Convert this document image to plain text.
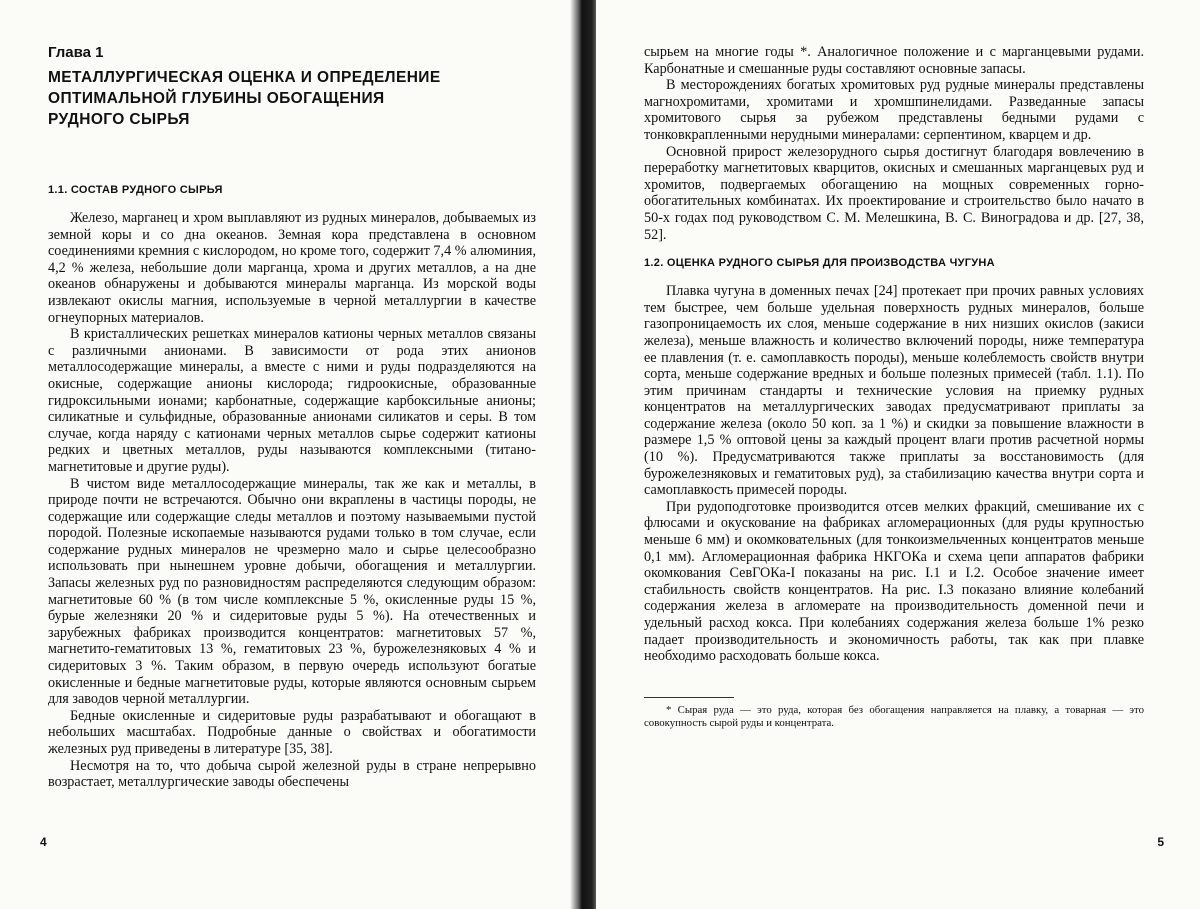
Глава 1
МЕТАЛЛУРГИЧЕСКАЯ ОЦЕНКА И ОПРЕДЕЛЕНИЕ
ОПТИМАЛЬНОЙ ГЛУБИНЫ ОБОГАЩЕНИЯ
РУДНОГО СЫРЬЯ
1.1. СОСТАВ РУДНОГО СЫРЬЯ

Железо, марганец и хром выплавляют из рудных минералов, добываемых из земной коры и со дна океанов. Земная кора представлена в основном соединениями кремния с кислородом, но кроме того, содержит 7,4 % алюминия, 4,2 % железа, небольшие доли марганца, хрома и других металлов, а на дне океанов обнаружены и добываются минералы марганца. Из морской воды извлекают окислы магния, используемые в черной металлургии в качестве огнеупорных материалов.

В кристаллических решетках минералов катионы черных металлов связаны с различными анионами. В зависимости от рода этих анионов металлосодержащие минералы, а вместе с ними и руды подразделяются на окисные, содержащие анионы кислорода; гидроокисные, образованные гидроксильными ионами; карбонатные, содержащие карбоксильные анионы; силикатные и сульфидные, образованные анионами силикатов и серы. В том случае, когда наряду с катионами черных металлов сырье содержит катионы редких и цветных металлов, руды называются комплексными (титано-магнетитовые и другие руды).

В чистом виде металлосодержащие минералы, так же как и металлы, в природе почти не встречаются. Обычно они вкраплены в частицы породы, не содержащие или содержащие следы металлов и поэтому называемыми пустой породой. Полезные ископаемые называются рудами только в том случае, если содержание рудных минералов не чрезмерно мало и сырье целесообразно использовать при нынешнем уровне добычи, обогащения и металлургии. Запасы железных руд по разновидностям распределяются следующим образом: магнетитовые 60 % (в том числе комплексные 5 %, окисленные руды 15 %, бурые железняки 20 % и сидеритовые руды 5 %). На отечественных и зарубежных фабриках производится концентратов: магнетитовых 57 %, магнетито-гематитовых 13 %, гематитовых 23 %, бурожелезняковых 4 % и сидеритовых 3 %. Таким образом, в первую очередь используют богатые окисленные и бедные магнетитовые руды, которые являются основным сырьем для заводов черной металлургии.

Бедные окисленные и сидеритовые руды разрабатывают и обогащают в небольших масштабах. Подробные данные о свойствах и обогатимости железных руд приведены в литературе [35, 38].

Несмотря на то, что добыча сырой железной руды в стране непрерывно возрастает, металлургические заводы обеспечены

4

сырьем на многие годы *. Аналогичное положение и с марганцевыми рудами. Карбонатные и смешанные руды составляют основные запасы.

В месторождениях богатых хромитовых руд рудные минералы представлены магнохромитами, хромитами и хромшпинелидами. Разведанные запасы хромитового сырья за рубежом представлены бедными рудами с тонковкрапленными нерудными минералами: серпентином, кварцем и др.

Основной прирост железорудного сырья достигнут благодаря вовлечению в переработку магнетитовых кварцитов, окисных и смешанных марганцевых руд и хромитов, подвергаемых обогащению на мощных современных горно-обогатительных комбинатах. Их проектирование и строительство было начато в 50-х годах под руководством С. М. Мелешкина, В. С. Виноградова и др. [27, 38, 52].

1.2. ОЦЕНКА РУДНОГО СЫРЬЯ ДЛЯ ПРОИЗВОДСТВА ЧУГУНА

Плавка чугуна в доменных печах [24] протекает при прочих равных условиях тем быстрее, чем больше удельная поверхность рудных минералов, больше газопроницаемость их слоя, меньше содержание в них низших окислов (закиси железа), меньше влажность и количество включений породы, ниже температура ее плавления (т. е. самоплавкость породы), меньше колеблемость свойств внутри сорта, меньше содержание вредных и больше полезных примесей (табл. 1.1). По этим причинам стандарты и технические условия на приемку рудных концентратов на металлургических заводах предусматривают приплаты за содержание железа (около 50 коп. за 1 %) и скидки за повышение влажности в размере 1,5 % оптовой цены за каждый процент влаги против расчетной нормы (10 %). Предусматриваются также приплаты за восстановимость (для бурожелезняковых и гематитовых руд), за стабилизацию качества внутри сорта и самоплавкость примесей породы.

При рудоподготовке производится отсев мелких фракций, смешивание их с флюсами и окускование на фабриках агломерационных (для руды крупностью меньше 6 мм) и окомковательных (для тонкоизмельченных концентратов меньше 0,1 мм). Агломерационная фабрика НКГОКа и схема цепи аппаратов фабрики окомкования СевГОКа-I показаны на рис. I.1 и I.2. Особое значение имеет стабильность свойств концентратов. На рис. I.3 показано влияние колебаний содержания железа в агломерате на производительность доменной печи и удельный расход кокса. При колебаниях содержания железа больше 1% резко падает производительность и экономичность работы, так как при плавке необходимо расходовать больше кокса.

* Сырая руда — это руда, которая без обогащения направляется на плавку, а товарная — это совокупность сырой руды и концентрата.

5
